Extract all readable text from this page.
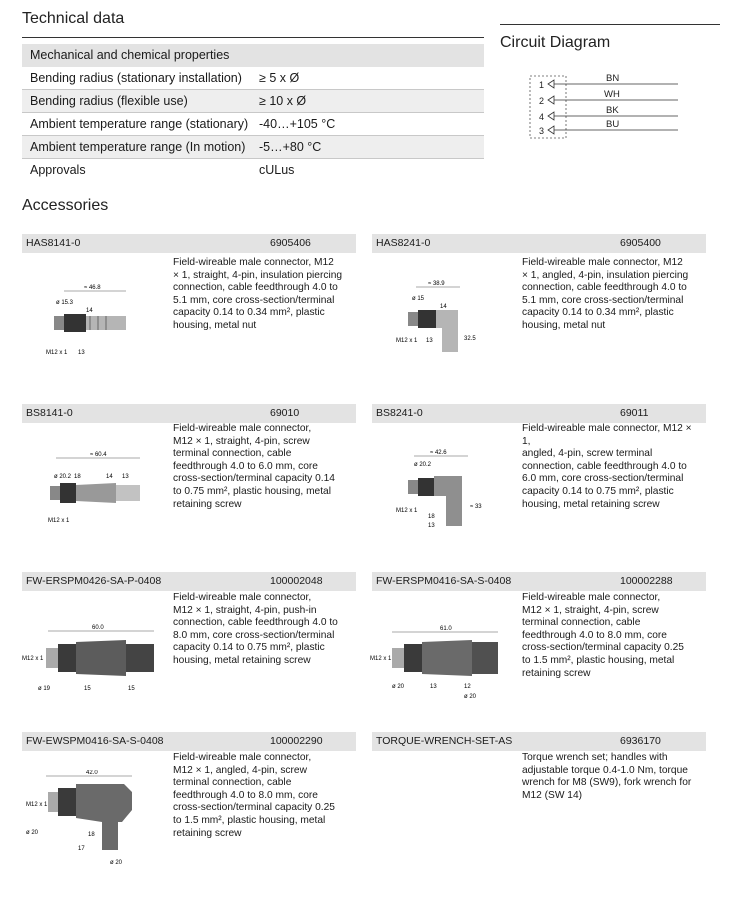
Technical data
Mechanical and chemical properties
Bending radius (stationary installation) ≥ 5 x Ø
Bending radius (flexible use)	≥ 10 x Ø
Ambient temperature range (stationary) -40…+105 °C
Ambient temperature range (In motion) -5…+80 °C
Approvals	cULus
Circuit Diagram
1
2
4
3
BN
WH
BK
BU
Accessories
HAS8141-0	6905406
Field-wireable male connector, M12
× 1, straight, 4-pin, insulation piercing
connection, cable feedthrough 4.0 to
5.1 mm, core cross-section/terminal
capacity 0.14 to 0.34 mm², plastic
housing, metal nut
≈ 46.8
ø 15.3
14
M12 x 1 13
HAS8241-0	6905400
Field-wireable male connector, M12
× 1, angled, 4-pin, insulation piercing
connection, cable feedthrough 4.0 to
5.1 mm, core cross-section/terminal
capacity 0.14 to 0.34 mm², plastic
housing, metal nut
≈ 38.9
ø 15
14
32.5
M12 x 1 13
BS8141-0	69010
Field-wireable male connector,
M12 × 1, straight, 4-pin, screw
terminal connection, cable
feedthrough 4.0 to 6.0 mm, core
cross-section/terminal capacity 0.14
to 0.75 mm², plastic housing, metal
retaining screw
≈ 60.4
ø 20.2 18	14 13
M12 x 1
BS8241-0	69011
Field-wireable male connector, M12 × 1,
angled, 4-pin, screw terminal
connection, cable feedthrough 4.0 to
6.0 mm, core cross-section/terminal
capacity 0.14 to 0.75 mm², plastic
housing, metal retaining screw
≈ 42.6
ø 20.2
≈ 33
M12 x 1
18
13
FW-ERSPM0426-SA-P-0408	100002048
Field-wireable male connector,
M12 × 1, straight, 4-pin, push-in
connection, cable feedthrough 4.0 to
8.0 mm, core cross-section/terminal
capacity 0.14 to 0.75 mm², plastic
housing, metal retaining screw
60.0
M12 x 1
ø 19	15	15
FW-ERSPM0416-SA-S-0408	100002288
Field-wireable male connector,
M12 × 1, straight, 4-pin, screw
terminal connection, cable
feedthrough 4.0 to 8.0 mm, core
cross-section/terminal capacity 0.25
to 1.5 mm², plastic housing, metal
retaining screw
61.0
M12 x 1
ø 20	13	12
ø 20
FW-EWSPM0416-SA-S-0408	100002290
Field-wireable male connector,
M12 × 1, angled, 4-pin, screw
terminal connection, cable
feedthrough 4.0 to 8.0 mm, core
cross-section/terminal capacity 0.25
to 1.5 mm², plastic housing, metal
retaining screw
42.0
M12 x 1
ø 20	18
17
ø 20
TORQUE-WRENCH-SET-AS	6936170
Torque wrench set; handles with
adjustable torque 0.4-1.0 Nm, torque
wrench for M8 (SW9), fork wrench for
M12 (SW 14)
